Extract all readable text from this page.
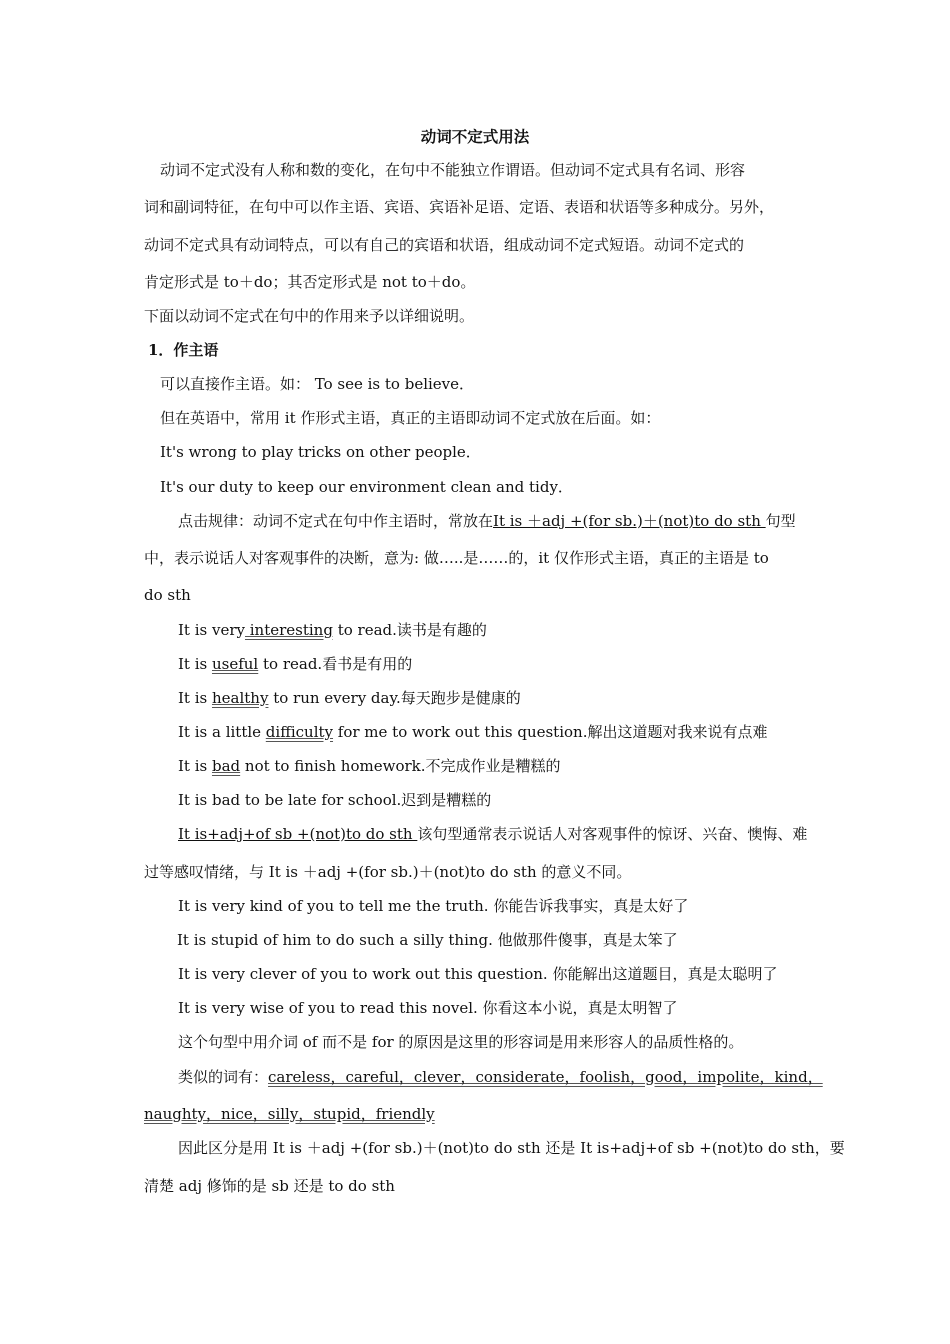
动词不定式用法
动词不定式没有人称和数的变化，在句中不能独立作谓语。但动词不定式具有名词、形容
词和副词特征，在句中可以作主语、宾语、宾语补足语、定语、表语和状语等多种成分。另外，
动词不定式具有动词特点，可以有自己的宾语和状语，组成动词不定式短语。动词不定式的
肯定形式是 to＋do；其否定形式是 not to＋do。
下面以动词不定式在句中的作用来予以详细说明。
1．作主语
可以直接作主语。如： To see is to believe．
但在英语中，常用 it 作形式主语，真正的主语即动词不定式放在后面。如：
It's wrong to play tricks on other people．
It's our duty to keep our environment clean and tidy．
点击规律：动词不定式在句中作主语时，常放在It is ＋adj +(for sb.)＋(not)to do sth 句型
中，表示说话人对客观事件的决断，意为: 做…..是……的，it 仅作形式主语，真正的主语是 to
do sth
It is very interesting to read.读书是有趣的
It is useful to read.看书是有用的
It is healthy to run every day.每天跑步是健康的
It is a little difficulty for me to work out this question.解出这道题对我来说有点难
It is bad not to finish homework.不完成作业是糟糕的
It is bad to be late for school.迟到是糟糕的
It is+adj+of sb +(not)to do sth 该句型通常表示说话人对客观事件的惊讶、兴奋、懊悔、难
过等感叹情绪，与 It is ＋adj +(for sb.)＋(not)to do sth 的意义不同。
It is very kind of you to tell me the truth. 你能告诉我事实，真是太好了
It is stupid of him to do such a silly thing. 他做那件傻事，真是太笨了
It is very clever of you to work out this question. 你能解出这道题目，真是太聪明了
It is very wise of you to read this novel. 你看这本小说，真是太明智了
这个句型中用介词 of 而不是 for 的原因是这里的形容词是用来形容人的品质性格的。
类似的词有：careless，careful，clever，considerate，foolish，good，impolite，kind，
naughty，nice，silly，stupid，friendly
因此区分是用 It is ＋adj +(for sb.)＋(not)to do sth 还是 It is+adj+of sb +(not)to do sth，要
清楚 adj 修饰的是 sb 还是 to do sth
